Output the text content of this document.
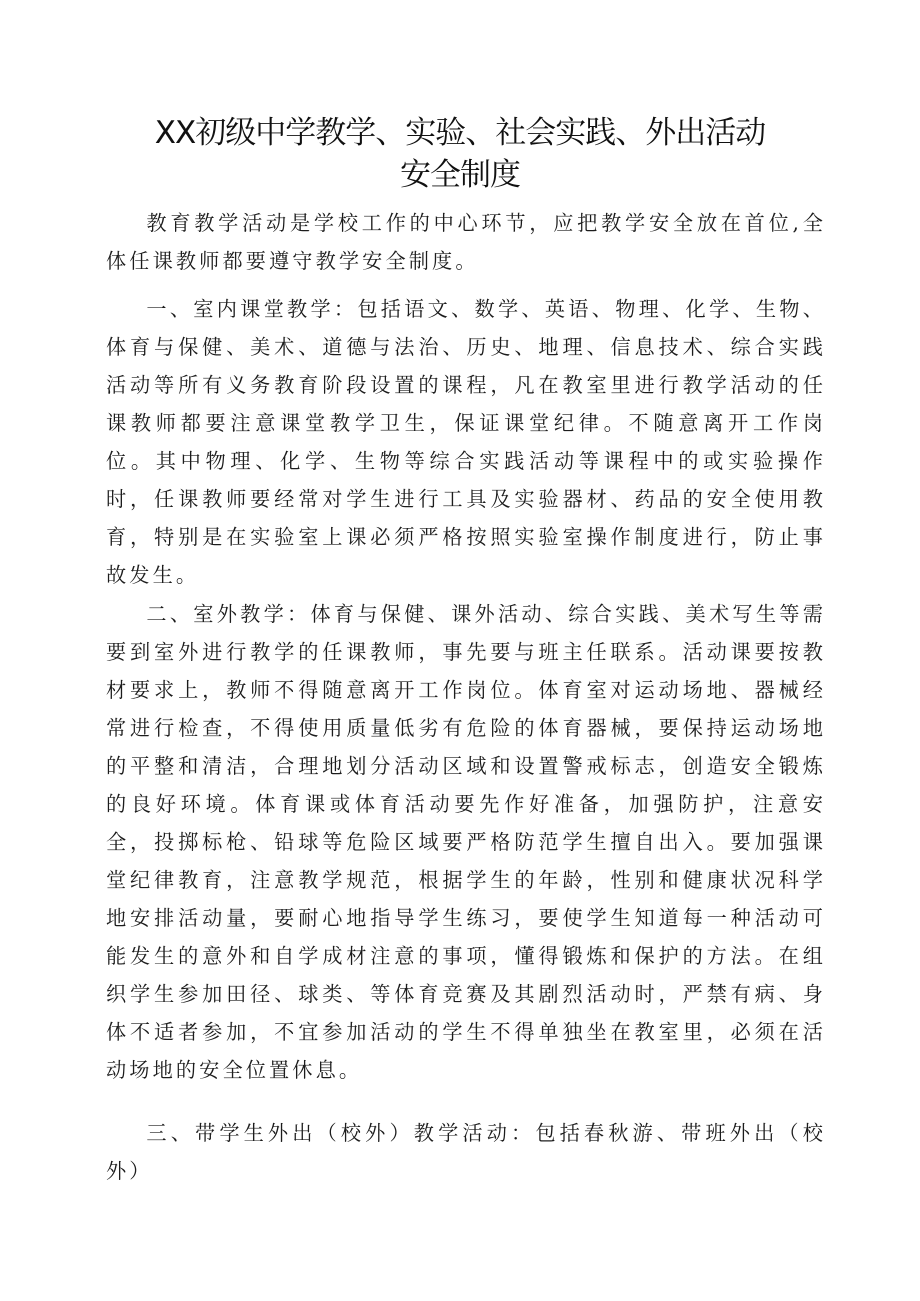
XX初级中学教学、实验、社会实践、外出活动
安全制度

教育教学活动是学校工作的中心环节，应把教学安全放在首位,全体任课教师都要遵守教学安全制度。

一、室内课堂教学：包括语文、数学、英语、物理、化学、生物、体育与保健、美术、道德与法治、历史、地理、信息技术、综合实践活动等所有义务教育阶段设置的课程，凡在教室里进行教学活动的任课教师都要注意课堂教学卫生，保证课堂纪律。不随意离开工作岗位。其中物理、化学、生物等综合实践活动等课程中的或实验操作时，任课教师要经常对学生进行工具及实验器材、药品的安全使用教育，特别是在实验室上课必须严格按照实验室操作制度进行，防止事故发生。

二、室外教学：体育与保健、课外活动、综合实践、美术写生等需要到室外进行教学的任课教师，事先要与班主任联系。活动课要按教材要求上，教师不得随意离开工作岗位。体育室对运动场地、器械经常进行检查，不得使用质量低劣有危险的体育器械，要保持运动场地的平整和清洁，合理地划分活动区域和设置警戒标志，创造安全锻炼的良好环境。体育课或体育活动要先作好准备，加强防护，注意安全，投掷标枪、铅球等危险区域要严格防范学生擅自出入。要加强课堂纪律教育，注意教学规范，根据学生的年龄，性别和健康状况科学地安排活动量，要耐心地指导学生练习，要使学生知道每一种活动可能发生的意外和自学成材注意的事项，懂得锻炼和保护的方法。在组织学生参加田径、球类、等体育竞赛及其剧烈活动时，严禁有病、身体不适者参加，不宜参加活动的学生不得单独坐在教室里，必须在活动场地的安全位置休息。

三、带学生外出（校外）教学活动：包括春秋游、带班外出（校外）
